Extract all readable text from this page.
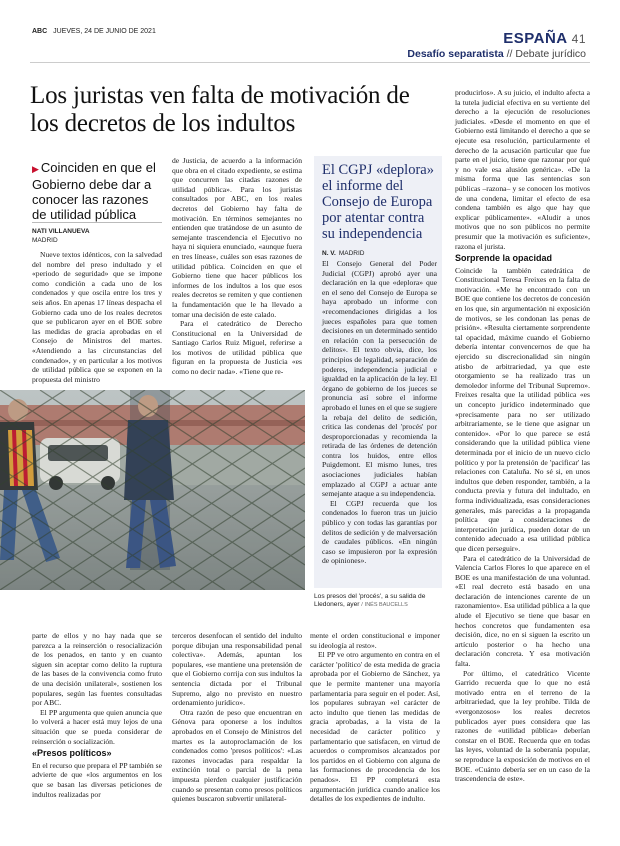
ABC JUEVES, 24 DE JUNIO DE 2021	ESPAÑA 41
Desafío separatista // Debate jurídico
Los juristas ven falta de motivación de los decretos de los indultos
▶ Coinciden en que el Gobierno debe dar a conocer las razones de utilidad pública
NATI VILLANUEVA
MADRID

Nueve textos idénticos, con la salvedad del nombre del preso indultado y el «periodo de seguridad» que se impone como condición a cada uno de los condenados y que oscila entre los tres y seis años. En apenas 17 líneas despacha el Gobierno cada uno de los reales decretos que se publicaron ayer en el BOE sobre las medidas de gracia aprobadas en el Consejo de Ministros del martes. «Atendiendo a las circunstancias del condenado», y en particular a los motivos de utilidad pública que se exponen en la propuesta del ministro

de Justicia, de acuerdo a la información que obra en el citado expediente, se estima que concurren las citadas razones de utilidad pública». Para los juristas consultados por ABC, en los reales decretos del Gobierno hay falta de motivación. En términos semejantes no entienden que tratándose de un asunto de semejante trascendencia el Ejecutivo no haya ni siquiera enunciado, «aunque fuera en tres líneas», cuáles son esas razones de utilidad pública. Coinciden en que el Gobierno tiene que hacer públicos los informes de los indultos a los que esos reales decretos se remiten y que contienen la fundamentación que le ha llevado a tomar una decisión de este calado.

Para el catedrático de Derecho Constitucional en la Universidad de Santiago Carlos Ruiz Miguel, referirse a los motivos de utilidad pública que figuran en la propuesta de Justicia «es como no decir nada». «Tiene que re-

El CGPJ «deplora» el informe del Consejo de Europa por atentar contra su independencia
N. V. MADRID

El Consejo General del Poder Judicial (CGPJ) aprobó ayer una declaración en la que «deplora» que en el seno del Consejo de Europa se haya aprobado un informe con «recomendaciones dirigidas a los jueces españoles para que tomen decisiones en un determinado sentido en relación con la persecución de delitos». El texto obvia, dice, los principios de legalidad, separación de poderes, independencia judicial e igualdad en la aplicación de la ley. El órgano de gobierno de los jueces se pronuncia así sobre el informe aprobado el lunes en el que se sugiere la rebaja del delito de sedición, critica las condenas del 'procés' por desproporcionadas y recomienda la retirada de las órdenes de detención contra los huidos, entre ellos Puigdemont. El mismo lunes, tres asociaciones judiciales habían emplazado al CGPJ a actuar ante semejante ataque a su independencia.

El CGPJ recuerda que los condenados lo fueron tras un juicio público y con todas las garantías por delitos de sedición y de malversación de caudales públicos. «En ningún caso se impusieron por la expresión de opiniones».

Los presos del 'procés', a su salida de Lledoners, ayer / INÉS BAUCELLS

parte de ellos y no hay nada que se parezca a la reinserción o resocialización de los penados, en tanto y en cuanto siguen sin aceptar como delito la ruptura de las bases de la convivencia como fruto de una decisión unilateral», sostienen los populares, según las fuentes consultadas por ABC.

El PP argumenta que quien anuncia que lo volverá a hacer está muy lejos de una situación que se pueda considerar de reinserción o socialización.

«Presos políticos»

En el recurso que prepara el PP también se advierte de que «los argumentos en los que se basan las diversas peticiones de indultos realizadas por

terceros desenfocan el sentido del indulto porque dibujan una responsabilidad penal colectiva». Además, apuntan los populares, «se mantiene una pretensión de que el Gobierno corrija con sus indultos la sentencia dictada por el Tribunal Supremo, algo no previsto en nuestro ordenamiento jurídico».

Otra razón de peso que encuentran en Génova para oponerse a los indultos aprobados en el Consejo de Ministros del martes es la autoproclamación de los condenados como 'presos políticos': «Las razones invocadas para respaldar la extinción total o parcial de la pena impuesta pierden cualquier justificación cuando se presentan como presos políticos quienes buscaron subvertir unilateral-

mente el orden constitucional e imponer su ideología al resto».

El PP ve otro argumento en contra en el carácter 'político' de esta medida de gracia aprobada por el Gobierno de Sánchez, ya que le permite mantener una mayoría parlamentaria para seguir en el poder. Así, los populares subrayan «el carácter de acto indulto que tienen las medidas de gracia aprobadas, a la vista de la necesidad de carácter político y parlamentario que satisfacen, en virtud de acuerdos o compromisos alcanzados por los partidos en el Gobierno con alguna de las formaciones de procedencia de los penados». El PP completará esta argumentación jurídica cuando analice los detalles de los expedientes de indulto.

producirlos». A su juicio, el indulto afecta a la tutela judicial efectiva en su vertiente del derecho a la ejecución de resoluciones judiciales. «Desde el momento en que el Gobierno está limitando el derecho a que se ejecute esa resolución, particularmente el derecho de la acusación particular que fue parte en el juicio, tiene que razonar por qué y no vale esa alusión genérica». «De la misma forma que las sentencias son públicas –razona– y se conocen los motivos de una condena, limitar el efecto de esa condena también es algo que hay que explicar públicamente». «Aludir a unos motivos que no son públicos no permite presumir que la motivación es suficiente», razona el jurista.

Sorprende la opacidad

Coincide la también catedrática de Constitucional Teresa Freixes en la falta de motivación. «Me he encontrado con un BOE que contiene los decretos de concesión en los que, sin argumentación ni exposición de motivos, se les condonan las penas de prisión». «Resulta ciertamente sorprendente tal opacidad, máxime cuando el Gobierno debería intentar convencernos de que ha ejercido su discrecionalidad sin ningún atisbo de arbitrariedad, ya que este otorgamiento se ha realizado tras un demoledor informe del Tribunal Supremo». Freixes resalta que la utilidad pública «es un concepto jurídico indeterminado que «precisamente para no ser utilizado arbitrariamente, se le tiene que asignar un contenido». «Por lo que parece se está considerando que la utilidad pública viene determinada por el inicio de un nuevo ciclo político y por la pretensión de 'pacificar' las relaciones con Cataluña. No sé si, en unos indultos que deben responder, también, a la conducta previa y futura del indultado, en forma individualizada, esas consideraciones generales, más parecidas a la propaganda política que a consideraciones de interpretación jurídica, pueden dotar de un contenido adecuado a esa utilidad pública que dicen perseguir».

Para el catedrático de la Universidad de Valencia Carlos Flores lo que aparece en el BOE es una manifestación de una voluntad. «El real decreto está basado en una declaración de intenciones carente de un razonamiento». Esa utilidad pública a la que alude el Ejecutivo se tiene que basar en hechos concretos que fundamenten esa decisión, dice, no en si siguen la escrito un artículo posterior o ha hecho una declaración concreta. Y esa motivación falta.

Por último, el catedrático Vicente Garrido recuerda que lo que no está motivado entra en el terreno de la arbitrariedad, que la ley prohíbe. Tilda de «vergonzosos» los reales decretos publicados ayer pues considera que las razones de «utilidad pública» deberían constar en el BOE. Recuerda que en todas las leyes, voluntad de la soberanía popular, se reproduce la exposición de motivos en el BOE. «Cuánto debería ser en un caso de la trascendencia de este».
